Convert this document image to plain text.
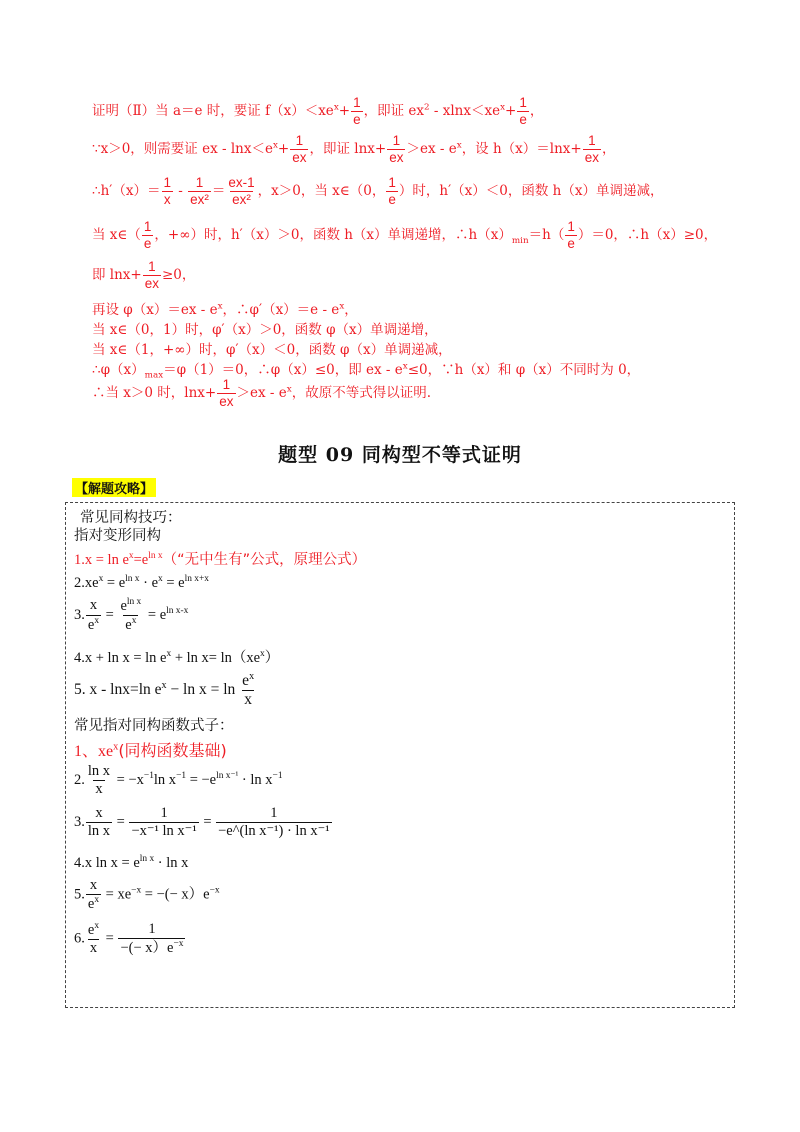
证明（Ⅱ）当 a＝e 时，要证 $f(x)<xe^x+ \frac{1}{e}$ ，即证 $ex^2 - xlnx<xe^x+ \frac{1}{e}$ ，
∵x＞0，则需要证 ex - $\ln x<e^x+ \frac{1}{ex}$ ，即证 $\ln x+ \frac{1}{ex} >ex - e^x$，设 $h(x)=\ln x+ \frac{1}{ex}$ ，
∴h′（x）＝ $\frac{1}{x} - \frac{1}{\text{ex²}} = \frac{ex-1}{\text{ex²}}$ ，x＞0，当 x∈（0， $\frac{1}{e}$ ）时，h′（x）＜0，函数 h（x）单调递减，
当 x∈（ $\frac{1}{e}$ ，+∞）时，h′（x）＞0，函数 h（x）单调递增，$\therefore h(x)_{min}=h( \frac{1}{e} )=0$，∴h（x）≥0，
即 $\ln x+ \frac{1}{ex} \ge 0$，
再设 $\varphi(x)=ex - e^x$，∴φ′（x）＝e - $e^x$，
当 x∈（0，1）时，φ′（x）＞0，函数 φ（x）单调递增，
当 x∈（1，+∞）时，φ′（x）＜0，函数 φ（x）单调递减，
$\therefore\varphi(x)_{max}=\varphi(1)=0$，∴φ（x）≤0，即 ex - $e^x\le 0$，∵h（x）和 φ（x）不同时为 0，
∴当 x＞0 时，$\ln x+ \frac{1}{ex} >ex - e^x$，故原不等式得以证明.
题型 09 同构型不等式证明
【解题攻略】
常见同构技巧：
指对变形同构
$1.x = \ln e^x=e^{ln x}(“$无中生有”公式，原理公式）
$2.xe^x = e^{ln x} \cdot e^x = e^{ln x+x}$
3. $\frac{x}{e^x} = \frac{e^{ln x}}{e^x} = e^{ln x-x}$
$4.x + \ln x = \ln e^x + \ln x= \ln(xe^x)$
5. x - lnx=ln $e^x - \ln x = \ln \frac{e^x}{x}$
常见指对同构函数式子：
1、$xe^x$(同构函数基础)
2. $\frac{\text{ln x}}{x} = -x^{-1}\ln$ $x^{-1} = -e^{ln x^{-1}} \cdot \ln x^{-1}$
3. $\frac{x}{\text{ln x}} = \frac{1}{\text{−x⁻¹ ln x⁻¹}} = \frac{1}{\text{−e\textasciicircum{}(ln x⁻¹) · ln x⁻¹}}$
4.x $\ln x = e^{ln x} \cdot \ln x$
5. $\frac{x}{e^x} = xe^{-x}$ = −(− $x)e^{-x}$
6. $\frac{e^x}{x} = \frac{1}{-(- x)e^{-x}}$
